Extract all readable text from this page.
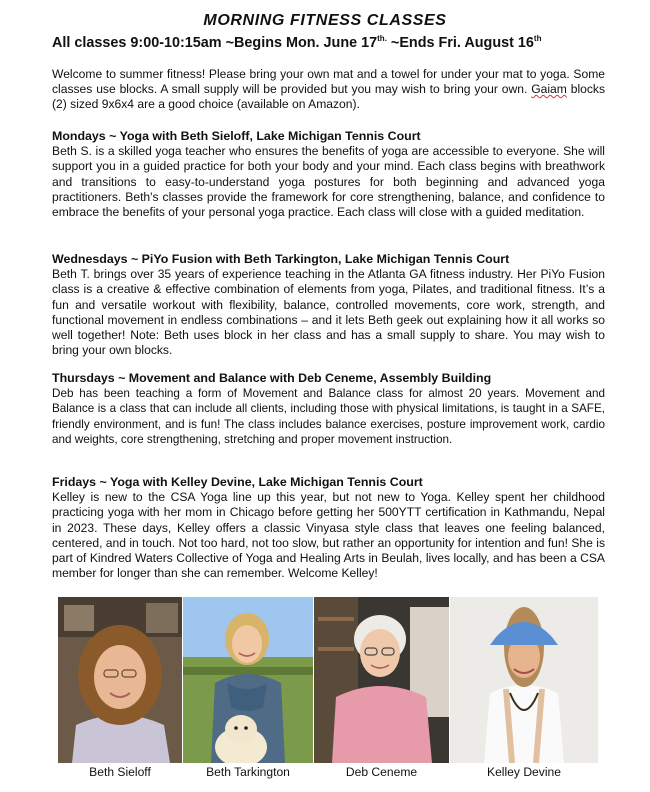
MORNING FITNESS CLASSES
All classes 9:00-10:15am ~Begins Mon. June $17^{th.}$ ~Ends Fri. August 16th
Welcome to summer fitness! Please bring your own mat and a towel for under your mat to yoga. Some classes use blocks. A small supply will be provided but you may wish to bring your own. Gaiam blocks (2) sized 9x6x4 are a good choice (available on Amazon).
Mondays ~ Yoga with Beth Sieloff, Lake Michigan Tennis Court
Beth S. is a skilled yoga teacher who ensures the benefits of yoga are accessible to everyone. She will support you in a guided practice for both your body and your mind. Each class begins with breathwork and transitions to easy-to-understand yoga postures for both beginning and advanced yoga practitioners. Beth's classes provide the framework for core strengthening, balance, and confidence to embrace the benefits of your personal yoga practice. Each class will close with a guided meditation.
Wednesdays ~ PiYo Fusion with Beth Tarkington, Lake Michigan Tennis Court
Beth T. brings over 35 years of experience teaching in the Atlanta GA fitness industry. Her PiYo Fusion class is a creative & effective combination of elements from yoga, Pilates, and traditional fitness. It’s a fun and versatile workout with flexibility, balance, controlled movements, core work, strength, and functional movement in endless combinations – and it lets Beth geek out explaining how it all works so well together! Note: Beth uses block in her class and has a small supply to share. You may wish to bring your own blocks.
Thursdays ~ Movement and Balance with Deb Ceneme, Assembly Building
Deb has been teaching a form of Movement and Balance class for almost 20 years. Movement and Balance is a class that can include all clients, including those with physical limitations, is taught in a SAFE, friendly environment, and is fun! The class includes balance exercises, posture improvement work, cardio and weights, core strengthening, stretching and proper movement instruction.
Fridays ~ Yoga with Kelley Devine, Lake Michigan Tennis Court
Kelley is new to the CSA Yoga line up this year, but not new to Yoga. Kelley spent her childhood practicing yoga with her mom in Chicago before getting her 500YTT certification in Kathmandu, Nepal in 2023. These days, Kelley offers a classic Vinyasa style class that leaves one feeling balanced, centered, and in touch. Not too hard, not too slow, but rather an opportunity for intention and fun! She is part of Kindred Waters Collective of Yoga and Healing Arts in Beulah, lives locally, and has been a CSA member for longer than she can remember. Welcome Kelley!
Beth Sieloff	Beth Tarkington	Deb Ceneme	Kelley Devine
